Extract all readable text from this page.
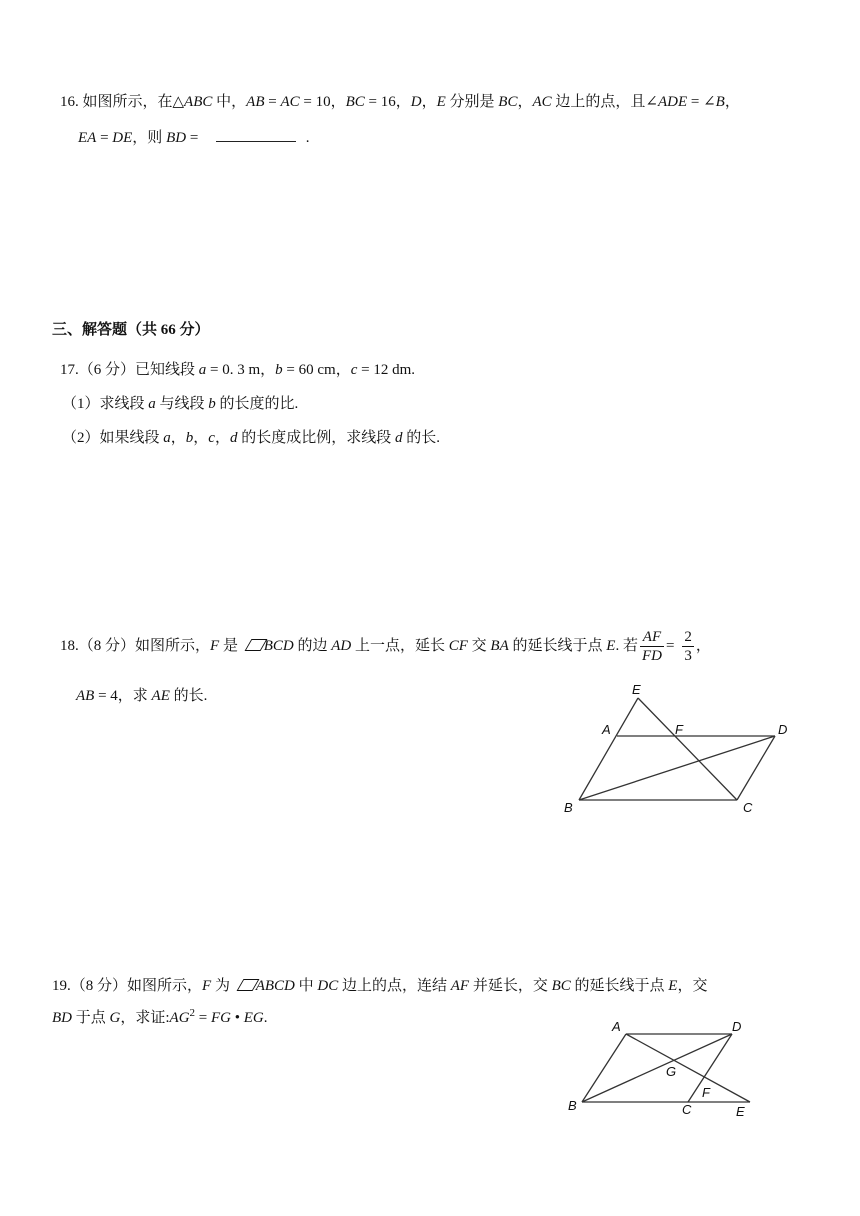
16. 如图所示，在△ABC 中，AB = AC = 10，BC = 16，D，E 分别是 BC，AC 边上的点，且∠ADE = ∠B，
EA = DE，则 BD =	.
三、解答题（共 66 分）
17.（6 分）已知线段 a = 0. 3 m，b = 60 cm，c = 12 dm.
（1）求线段 a 与线段 b 的长度的比.
（2）如果线段 a，b，c，d 的长度成比例，求线段 d 的长.
18.（8 分）如图所示，F 是 BCD 的边 AD 上一点，延长 CF 交 BA 的延长线于点 E. 若 $\frac{AF}{FD} = \frac{2}{3}$ ，
AB = 4，求 AE 的长.	E
A	F	D
B	C
19.（8 分）如图所示，F 为 ABCD 中 DC 边上的点，连结 AF 并延长，交 BC 的延长线于点 E，交
BD 于点 G，求证$:AG^2$ = FG • EG.
A	D
G
F
B	C	E
